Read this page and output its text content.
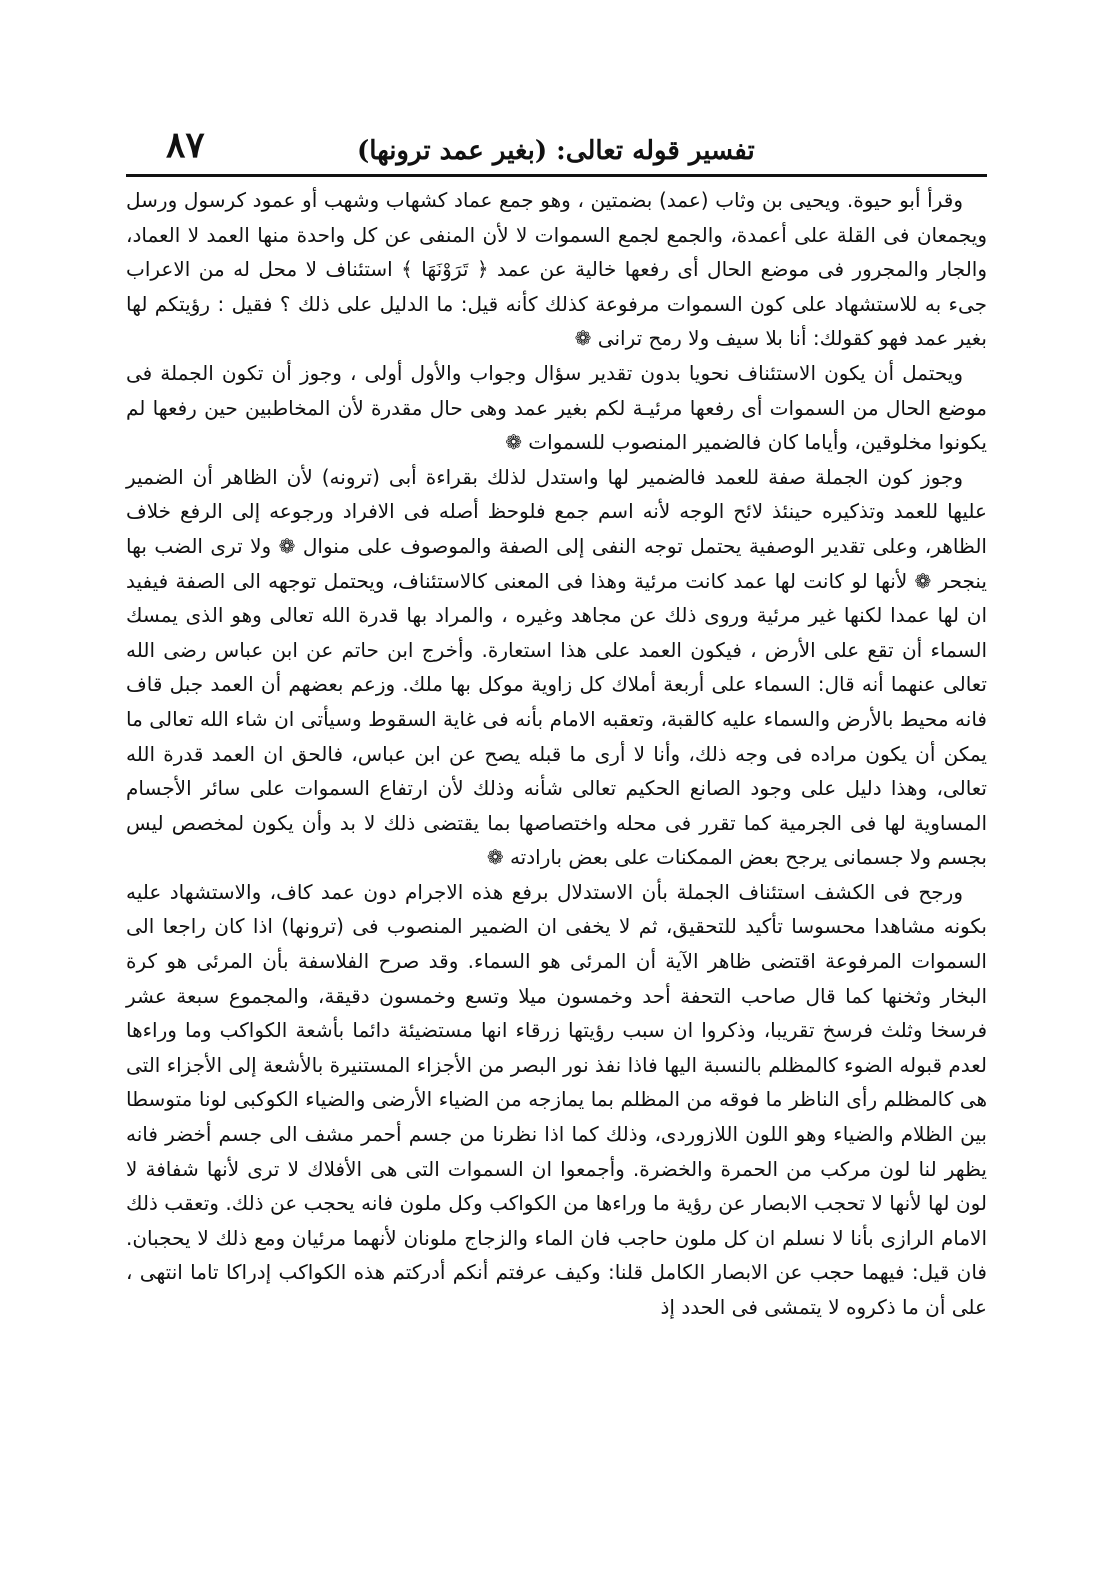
تفسير قوله تعالى: (بغير عمد ترونها)
٨٧

وقرأ أبو حيوة. ويحيى بن وثاب (عمد) بضمتين ، وهو جمع عماد كشهاب وشهب أو عمود كرسول ورسل ويجمعان فى القلة على أعمدة، والجمع لجمع السموات لا لأن المنفى عن كل واحدة منها العمد لا العماد، والجار والمجرور فى موضع الحال أى رفعها خالية عن عمد ﴿ تَرَوْنَهَا ﴾ استئناف لا محل له من الاعراب جىء به للاستشهاد على كون السموات مرفوعة كذلك كأنه قيل: ما الدليل على ذلك ؟ فقيل : رؤيتكم لها بغير عمد فهو كقولك: أنا بلا سيف ولا رمح ترانى ❁

ويحتمل أن يكون الاستئناف نحويا بدون تقدير سؤال وجواب والأول أولى ، وجوز أن تكون الجملة فى موضع الحال من السموات أى رفعها مرئيـة لكم بغير عمد وهى حال مقدرة لأن المخاطبين حين رفعها لم يكونوا مخلوقين، وأياما كان فالضمير المنصوب للسموات ❁

وجوز كون الجملة صفة للعمد فالضمير لها واستدل لذلك بقراءة أبى (ترونه) لأن الظاهر أن الضمير عليها للعمد وتذكيره حينئذ لائح الوجه لأنه اسم جمع فلوحظ أصله فى الافراد ورجوعه إلى الرفع خلاف الظاهر، وعلى تقدير الوصفية يحتمل توجه النفى إلى الصفة والموصوف على منوال ❁ ولا ترى الضب بها ينجحر ❁ لأنها لو كانت لها عمد كانت مرئية وهذا فى المعنى كالاستئناف، ويحتمل توجهه الى الصفة فيفيد ان لها عمدا لكنها غير مرئية وروى ذلك عن مجاهد وغيره ، والمراد بها قدرة الله تعالى وهو الذى يمسك السماء أن تقع على الأرض ، فيكون العمد على هذا استعارة. وأخرج ابن حاتم عن ابن عباس رضى الله تعالى عنهما أنه قال: السماء على أربعة أملاك كل زاوية موكل بها ملك. وزعم بعضهم أن العمد جبل قاف فانه محيط بالأرض والسماء عليه كالقبة، وتعقبه الامام بأنه فى غاية السقوط وسيأتى ان شاء الله تعالى ما يمكن أن يكون مراده فى وجه ذلك، وأنا لا أرى ما قبله يصح عن ابن عباس، فالحق ان العمد قدرة الله تعالى، وهذا دليل على وجود الصانع الحكيم تعالى شأنه وذلك لأن ارتفاع السموات على سائر الأجسام المساوية لها فى الجرمية كما تقرر فى محله واختصاصها بما يقتضى ذلك لا بد وأن يكون لمخصص ليس بجسم ولا جسمانى يرجح بعض الممكنات على بعض بارادته ❁

ورجح فى الكشف استئناف الجملة بأن الاستدلال برفع هذه الاجرام دون عمد كاف، والاستشهاد عليه بكونه مشاهدا محسوسا تأكيد للتحقيق، ثم لا يخفى ان الضمير المنصوب فى (ترونها) اذا كان راجعا الى السموات المرفوعة اقتضى ظاهر الآية أن المرئى هو السماء. وقد صرح الفلاسفة بأن المرئى هو كرة البخار وثخنها كما قال صاحب التحفة أحد وخمسون ميلا وتسع وخمسون دقيقة، والمجموع سبعة عشر فرسخا وثلث فرسخ تقريبا، وذكروا ان سبب رؤيتها زرقاء انها مستضيئة دائما بأشعة الكواكب وما وراءها لعدم قبوله الضوء كالمظلم بالنسبة اليها فاذا نفذ نور البصر من الأجزاء المستنيرة بالأشعة إلى الأجزاء التى هى كالمظلم رأى الناظر ما فوقه من المظلم بما يمازجه من الضياء الأرضى والضياء الكوكبى لونا متوسطا بين الظلام والضياء وهو اللون اللازوردى، وذلك كما اذا نظرنا من جسم أحمر مشف الى جسم أخضر فانه يظهر لنا لون مركب من الحمرة والخضرة. وأجمعوا ان السموات التى هى الأفلاك لا ترى لأنها شفافة لا لون لها لأنها لا تحجب الابصار عن رؤية ما وراءها من الكواكب وكل ملون فانه يحجب عن ذلك. وتعقب ذلك الامام الرازى بأنا لا نسلم ان كل ملون حاجب فان الماء والزجاج ملونان لأنهما مرئيان ومع ذلك لا يحجبان. فان قيل: فيهما حجب عن الابصار الكامل قلنا: وكيف عرفتم أنكم أدركتم هذه الكواكب إدراكا تاما انتهى ، على أن ما ذكروه لا يتمشى فى الحدد إذ
